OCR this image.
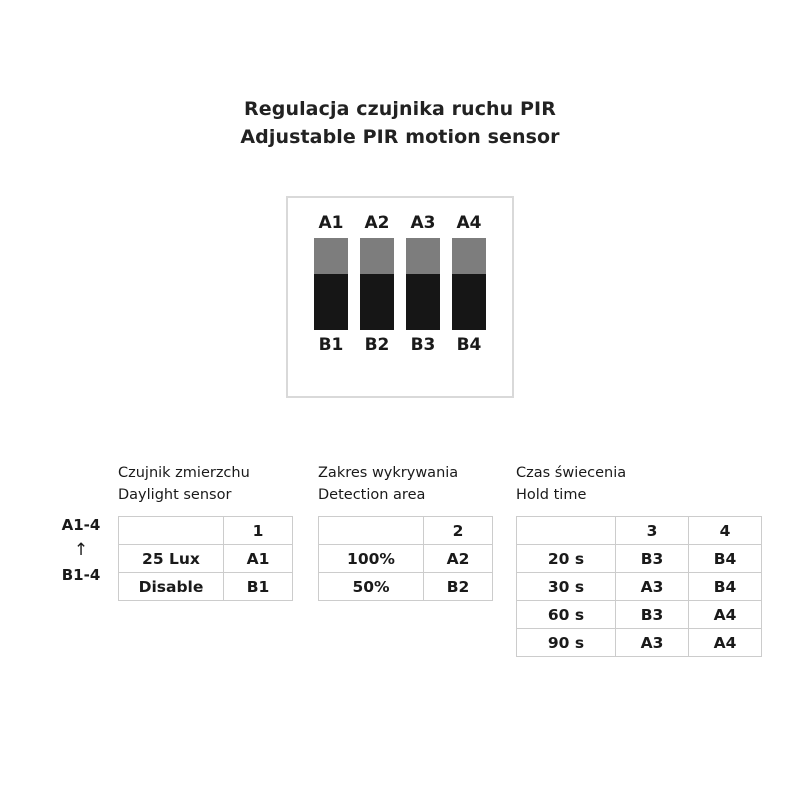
Regulacja czujnika ruchu PIR
Adjustable PIR motion sensor
A1
B1
A2
B2
A3
B3
A4
B4
Czujnik zmierzchu
Daylight sensor
Zakres wykrywania
Detection area
Czas świecenia
Hold time
A1-4
↑
B1-4
	1
25 Lux	A1
Disable	B1
	2
100%	A2
50%	B2
	3	4
20 s	B3	B4
30 s	A3	B4
60 s	B3	A4
90 s	A3	A4
